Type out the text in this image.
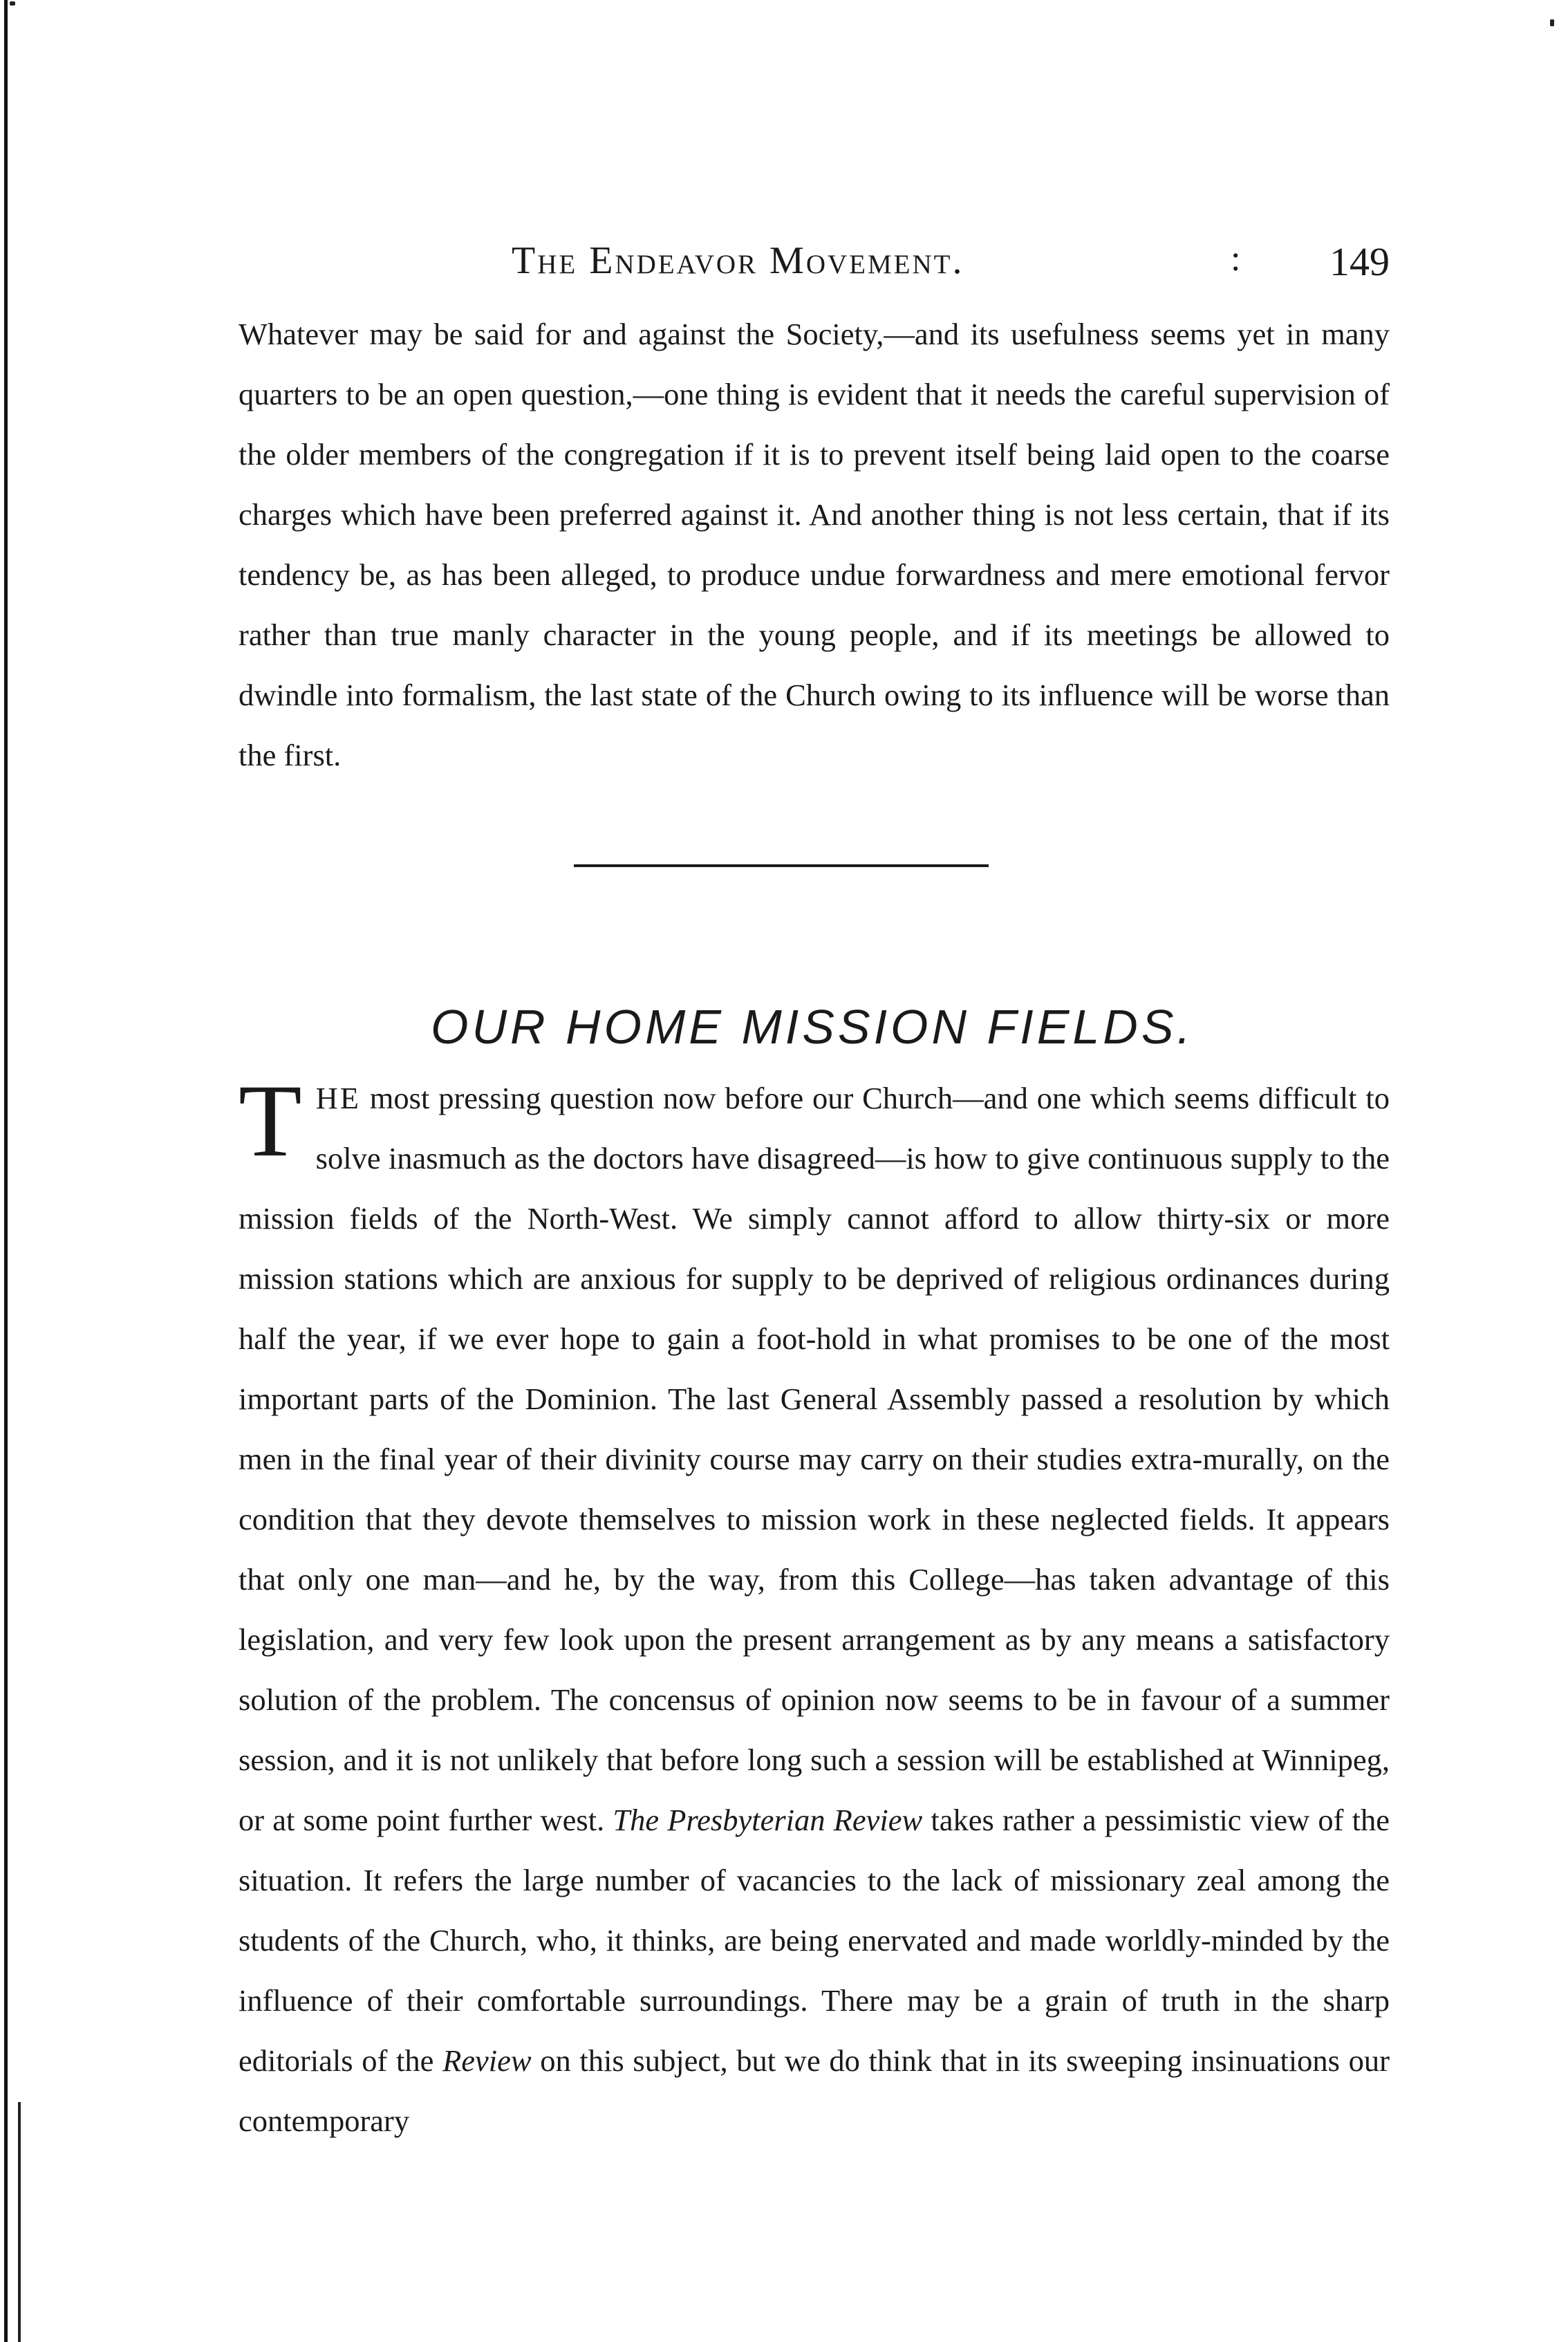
The Endeavor Movement.	: 149

Whatever may be said for and against the Society,—and its usefulness seems yet in many quarters to be an open question,—one thing is evident that it needs the careful supervision of the older members of the congregation if it is to prevent itself being laid open to the coarse charges which have been preferred against it. And another thing is not less certain, that if its tendency be, as has been alleged, to produce undue forwardness and mere emotional fervor rather than true manly character in the young people, and if its meetings be allowed to dwindle into formalism, the last state of the Church owing to its influence will be worse than the first.

OUR HOME MISSION FIELDS.

THE most pressing question now before our Church—and one which seems difficult to solve inasmuch as the doctors have disagreed—is how to give continuous supply to the mission fields of the North-West. We simply cannot afford to allow thirty-six or more mission stations which are anxious for supply to be deprived of religious ordinances during half the year, if we ever hope to gain a foot-hold in what promises to be one of the most important parts of the Dominion. The last General Assembly passed a resolution by which men in the final year of their divinity course may carry on their studies extra-murally, on the condition that they devote themselves to mission work in these neglected fields. It appears that only one man—and he, by the way, from this College—has taken advantage of this legislation, and very few look upon the present arrangement as by any means a satisfactory solution of the problem. The concensus of opinion now seems to be in favour of a summer session, and it is not unlikely that before long such a session will be established at Winnipeg, or at some point further west. The Presbyterian Review takes rather a pessimistic view of the situation. It refers the large number of vacancies to the lack of missionary zeal among the students of the Church, who, it thinks, are being enervated and made worldly-minded by the influence of their comfortable surroundings. There may be a grain of truth in the sharp editorials of the Review on this subject, but we do think that in its sweeping insinuations our contemporary
